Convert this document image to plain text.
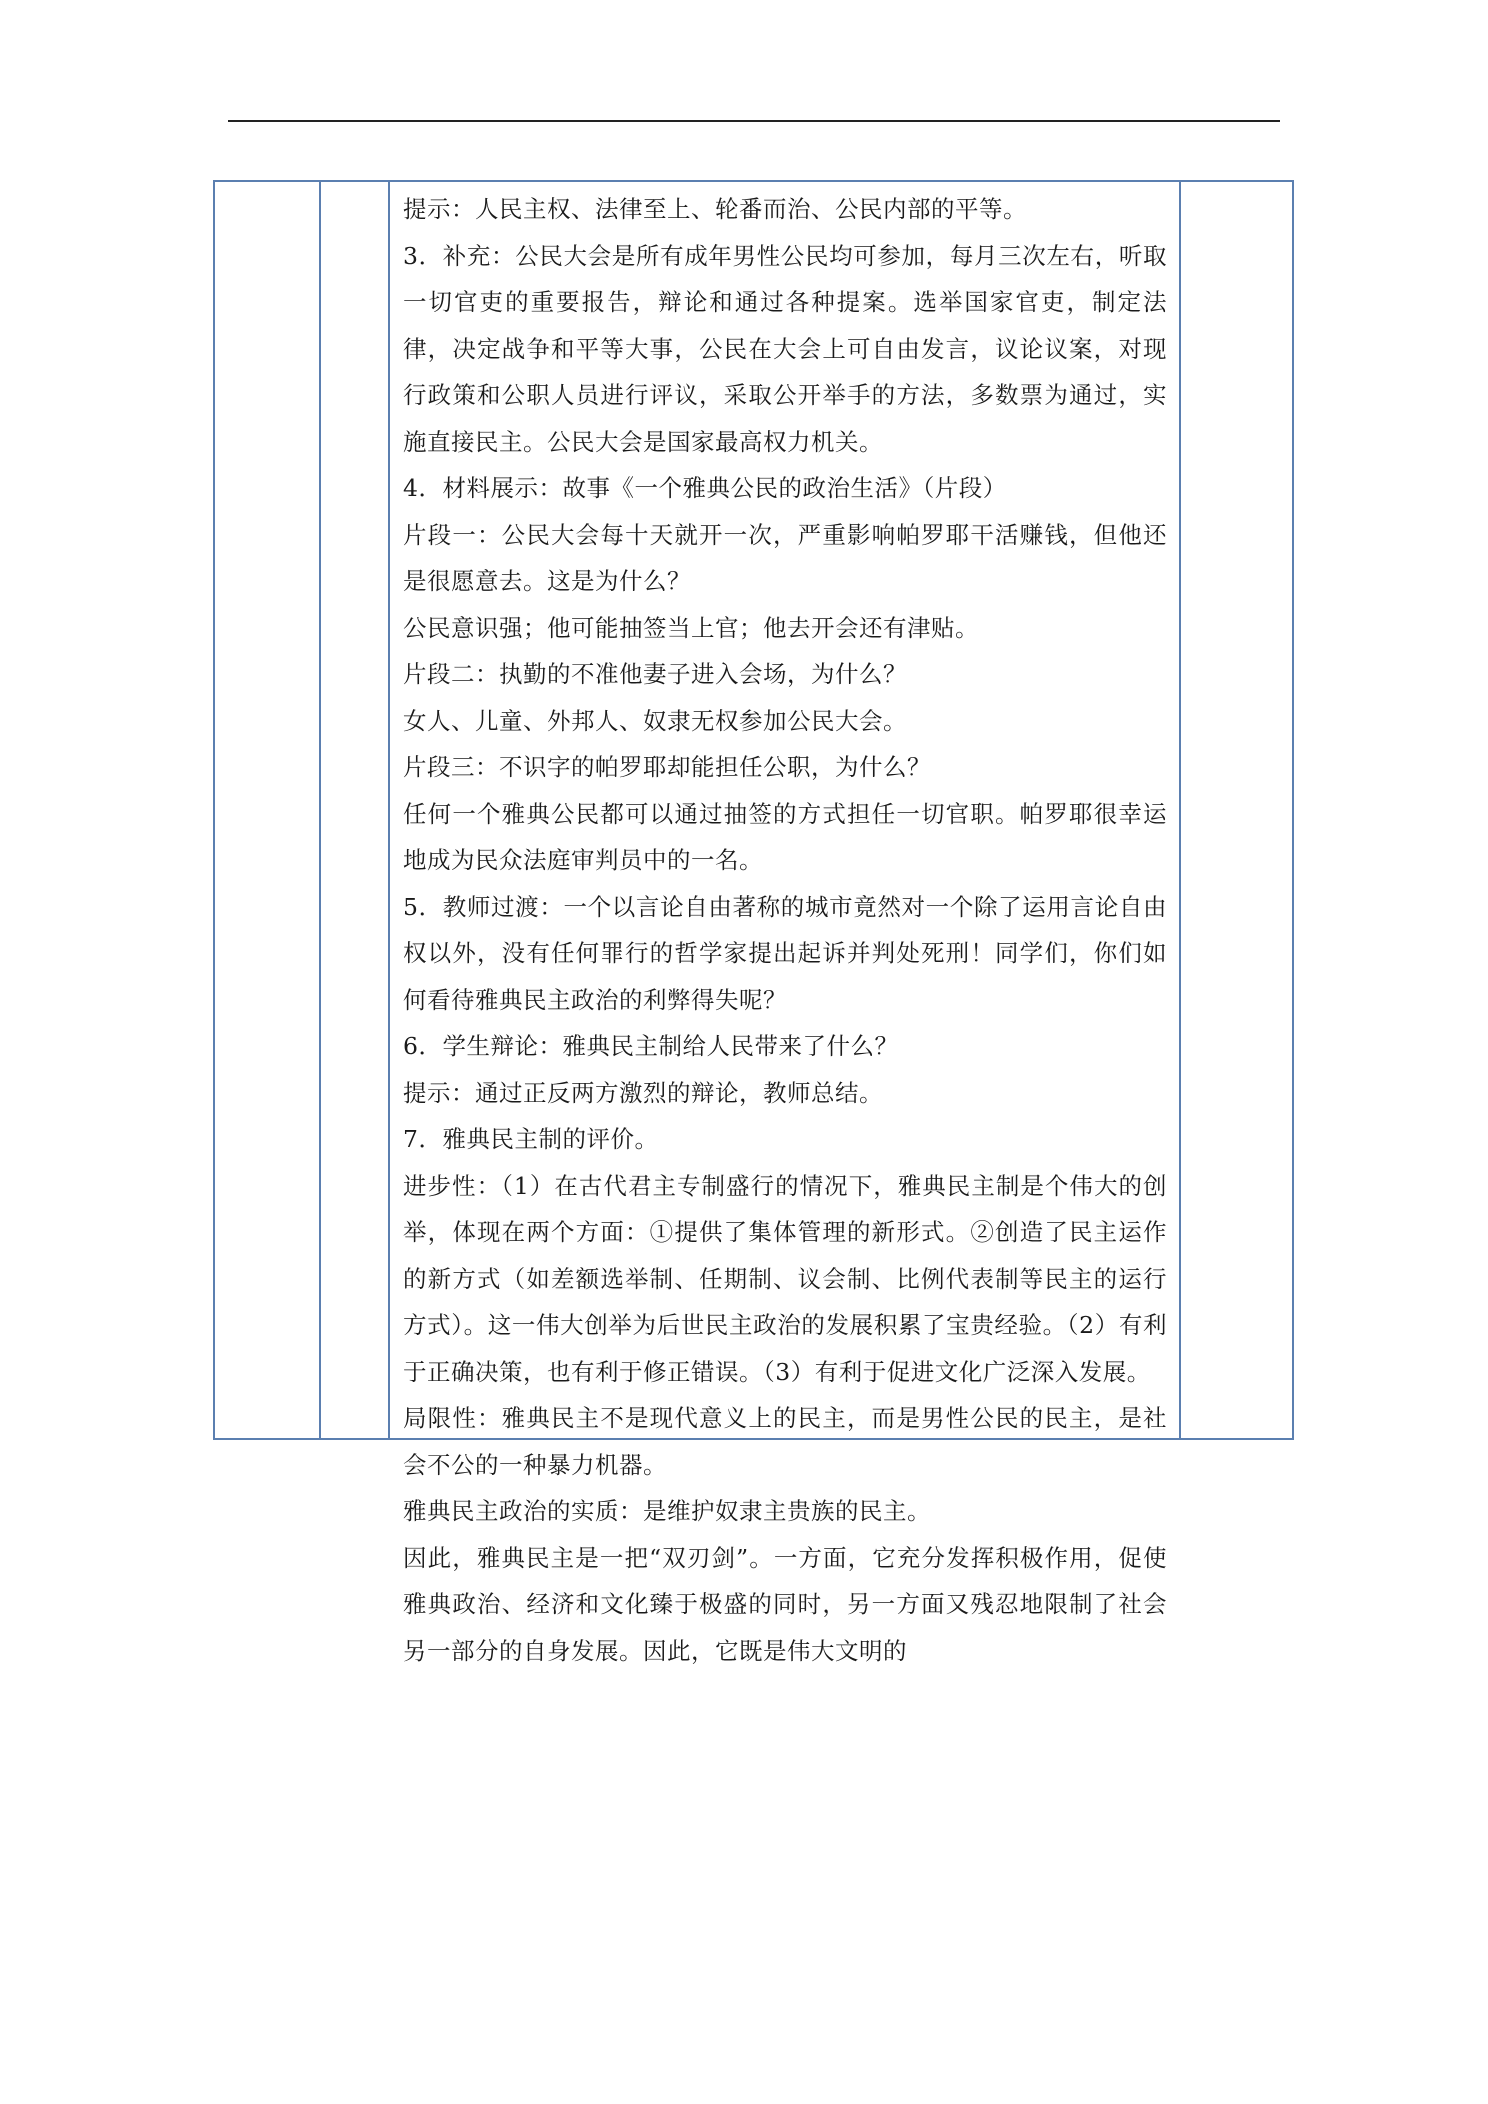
提示：人民主权、法律至上、轮番而治、公民内部的平等。

3．补充：公民大会是所有成年男性公民均可参加，每月三次左右，听取一切官吏的重要报告，辩论和通过各种提案。选举国家官吏，制定法律，决定战争和平等大事，公民在大会上可自由发言，议论议案，对现行政策和公职人员进行评议，采取公开举手的方法，多数票为通过，实施直接民主。公民大会是国家最高权力机关。

4．材料展示：故事《一个雅典公民的政治生活》（片段）

片段一：公民大会每十天就开一次，严重影响帕罗耶干活赚钱，但他还是很愿意去。这是为什么？

公民意识强；他可能抽签当上官；他去开会还有津贴。

片段二：执勤的不准他妻子进入会场，为什么？

女人、儿童、外邦人、奴隶无权参加公民大会。

片段三：不识字的帕罗耶却能担任公职，为什么？

任何一个雅典公民都可以通过抽签的方式担任一切官职。帕罗耶很幸运地成为民众法庭审判员中的一名。

5．教师过渡：一个以言论自由著称的城市竟然对一个除了运用言论自由权以外，没有任何罪行的哲学家提出起诉并判处死刑！同学们，你们如何看待雅典民主政治的利弊得失呢？

6．学生辩论：雅典民主制给人民带来了什么？

提示：通过正反两方激烈的辩论，教师总结。

7．雅典民主制的评价。

进步性：（1）在古代君主专制盛行的情况下，雅典民主制是个伟大的创举，体现在两个方面：①提供了集体管理的新形式。②创造了民主运作的新方式（如差额选举制、任期制、议会制、比例代表制等民主的运行方式）。这一伟大创举为后世民主政治的发展积累了宝贵经验。（2）有利于正确决策，也有利于修正错误。（3）有利于促进文化广泛深入发展。

局限性：雅典民主不是现代意义上的民主，而是男性公民的民主，是社会不公的一种暴力机器。

雅典民主政治的实质：是维护奴隶主贵族的民主。

因此，雅典民主是一把“双刃剑”。一方面，它充分发挥积极作用，促使雅典政治、经济和文化臻于极盛的同时，另一方面又残忍地限制了社会另一部分的自身发展。因此，它既是伟大文明的
